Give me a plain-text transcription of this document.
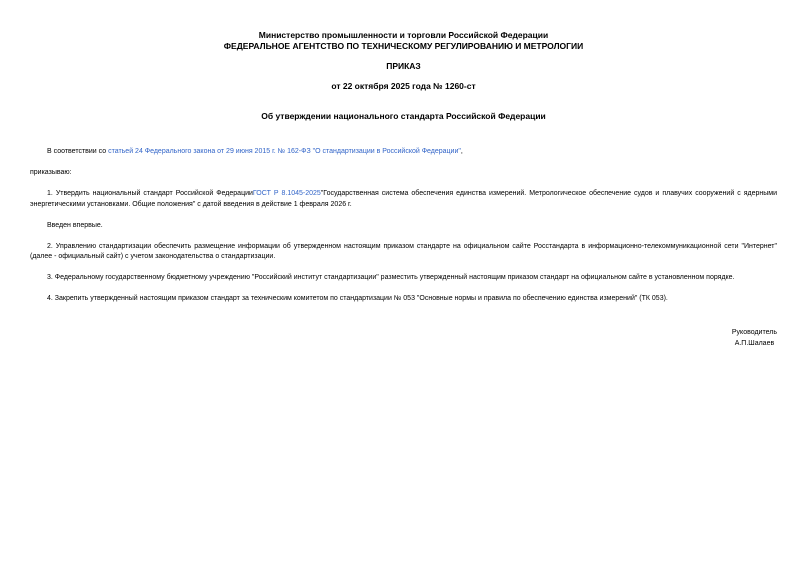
Министерство промышленности и торговли Российской Федерации
ФЕДЕРАЛЬНОЕ АГЕНТСТВО ПО ТЕХНИЧЕСКОМУ РЕГУЛИРОВАНИЮ И МЕТРОЛОГИИ
ПРИКАЗ
от 22 октября 2025 года № 1260-ст
Об утверждении национального стандарта Российской Федерации

В соответствии со статьей 24 Федерального закона от 29 июня 2015 г. № 162-ФЗ "О стандартизации в Российской Федерации",

приказываю:

1. Утвердить национальный стандарт Российской ФедерацииГОСТ Р 8.1045-2025"Государственная система обеспечения единства измерений. Метрологическое обеспечение судов и плавучих сооружений с ядерными энергетическими установками. Общие положения" с датой введения в действие 1 февраля 2026 г.

Введен впервые.

2. Управлению стандартизации обеспечить размещение информации об утвержденном настоящим приказом стандарте на официальном сайте Росстандарта в информационно-телекоммуникационной сети "Интернет" (далее - официальный сайт) с учетом законодательства о стандартизации.

3. Федеральному государственному бюджетному учреждению "Российский институт стандартизации" разместить утвержденный настоящим приказом стандарт на официальном сайте в установленном порядке.

4. Закрепить утвержденный настоящим приказом стандарт за техническим комитетом по стандартизации № 053 "Основные нормы и правила по обеспечению единства измерений" (ТК 053).

Руководитель
А.П.Шалаев
